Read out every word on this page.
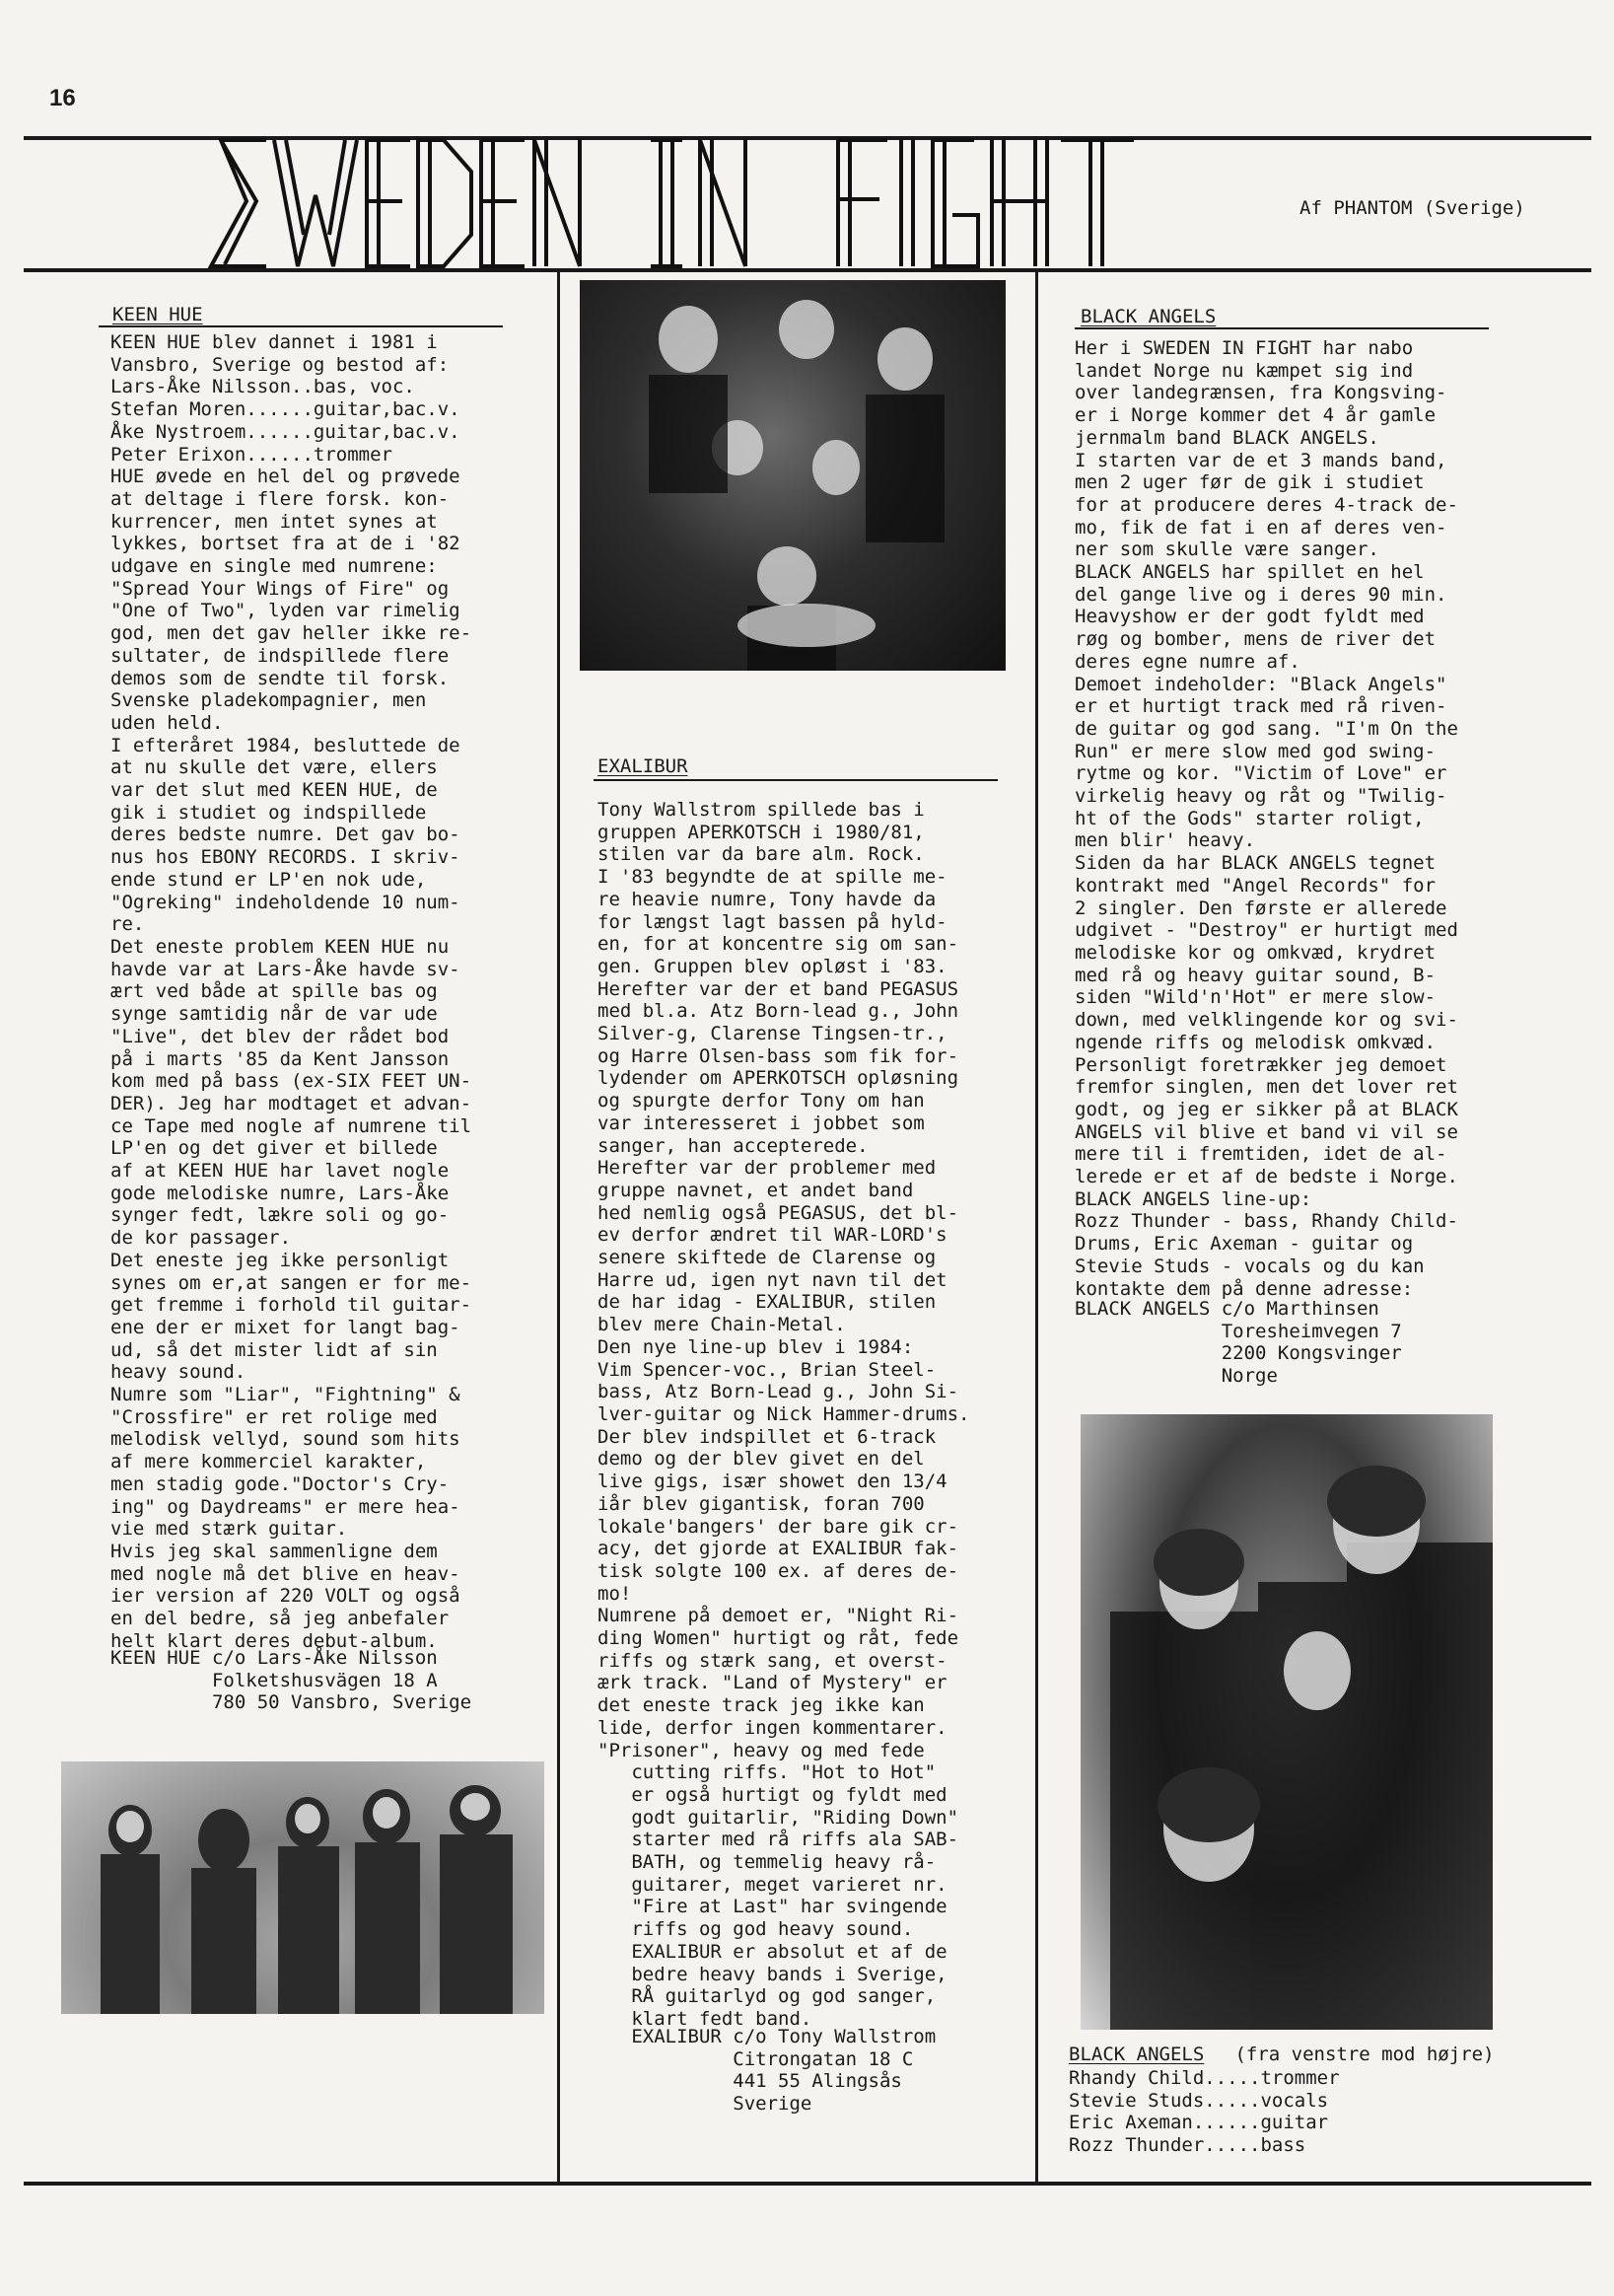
16
Af PHANTOM (Sverige)
KEEN HUE
KEEN HUE blev dannet i 1981 i
Vansbro, Sverige og bestod af:
Lars-Åke Nilsson..bas, voc.
Stefan Moren......guitar,bac.v.
Åke Nystroem......guitar,bac.v.
Peter Erixon......trommer
HUE øvede en hel del og prøvede
at deltage i flere forsk. kon-
kurrencer, men intet synes at
lykkes, bortset fra at de i '82
udgave en single med numrene:
"Spread Your Wings of Fire" og
"One of Two", lyden var rimelig
god, men det gav heller ikke re-
sultater, de indspillede flere
demos som de sendte til forsk.
Svenske pladekompagnier, men
uden held.
I efteråret 1984, besluttede de
at nu skulle det være, ellers
var det slut med KEEN HUE, de
gik i studiet og indspillede
deres bedste numre. Det gav bo-
nus hos EBONY RECORDS. I skriv-
ende stund er LP'en nok ude,
"Ogreking" indeholdende 10 num-
re.
Det eneste problem KEEN HUE nu
havde var at Lars-Åke havde sv-
ært ved både at spille bas og
synge samtidig når de var ude
"Live", det blev der rådet bod
på i marts '85 da Kent Jansson
kom med på bass (ex-SIX FEET UN-
DER). Jeg har modtaget et advan-
ce Tape med nogle af numrene til
LP'en og det giver et billede
af at KEEN HUE har lavet nogle
gode melodiske numre, Lars-Åke
synger fedt, lækre soli og go-
de kor passager.
Det eneste jeg ikke personligt
synes om er,at sangen er for me-
get fremme i forhold til guitar-
ene der er mixet for langt bag-
ud, så det mister lidt af sin
heavy sound.
Numre som "Liar", "Fightning" &
"Crossfire" er ret rolige med
melodisk vellyd, sound som hits
af mere kommerciel karakter,
men stadig gode."Doctor's Cry-
ing" og Daydreams" er mere hea-
vie med stærk guitar.
Hvis jeg skal sammenligne dem
med nogle må det blive en heav-
ier version af 220 VOLT og også
en del bedre, så jeg anbefaler
helt klart deres debut-album.
KEEN HUE c/o Lars-Åke Nilsson
Folketshusvägen 18 A
780 50 Vansbro, Sverige
EXALIBUR
Tony Wallstrom spillede bas i
gruppen APERKOTSCH i 1980/81,
stilen var da bare alm. Rock.
I '83 begyndte de at spille me-
re heavie numre, Tony havde da
for længst lagt bassen på hyld-
en, for at koncentre sig om san-
gen. Gruppen blev opløst i '83.
Herefter var der et band PEGASUS
med bl.a. Atz Born-lead g., John
Silver-g, Clarense Tingsen-tr.,
og Harre Olsen-bass som fik for-
lydender om APERKOTSCH opløsning
og spurgte derfor Tony om han
var interesseret i jobbet som
sanger, han accepterede.
Herefter var der problemer med
gruppe navnet, et andet band
hed nemlig også PEGASUS, det bl-
ev derfor ændret til WAR-LORD's
senere skiftede de Clarense og
Harre ud, igen nyt navn til det
de har idag - EXALIBUR, stilen
blev mere Chain-Metal.
Den nye line-up blev i 1984:
Vim Spencer-voc., Brian Steel-
bass, Atz Born-Lead g., John Si-
lver-guitar og Nick Hammer-drums.
Der blev indspillet et 6-track
demo og der blev givet en del
live gigs, især showet den 13/4
iår blev gigantisk, foran 700
lokale'bangers' der bare gik cr-
acy, det gjorde at EXALIBUR fak-
tisk solgte 100 ex. af deres de-
mo!
Numrene på demoet er, "Night Ri-
ding Women" hurtigt og råt, fede
riffs og stærk sang, et overst-
ærk track. "Land of Mystery" er
det eneste track jeg ikke kan
lide, derfor ingen kommentarer.
"Prisoner", heavy og med fede
cutting riffs. "Hot to Hot"
er også hurtigt og fyldt med
godt guitarlir, "Riding Down"
starter med rå riffs ala SAB-
BATH, og temmelig heavy rå-
guitarer, meget varieret nr.
"Fire at Last" har svingende
riffs og god heavy sound.
EXALIBUR er absolut et af de
bedre heavy bands i Sverige,
RÅ guitarlyd og god sanger,
klart fedt band.
EXALIBUR c/o Tony Wallstrom
Citrongatan 18 C
441 55 Alingsås
Sverige
BLACK ANGELS
Her i SWEDEN IN FIGHT har nabo
landet Norge nu kæmpet sig ind
over landegrænsen, fra Kongsving-
er i Norge kommer det 4 år gamle
jernmalm band BLACK ANGELS.
I starten var de et 3 mands band,
men 2 uger før de gik i studiet
for at producere deres 4-track de-
mo, fik de fat i en af deres ven-
ner som skulle være sanger.
BLACK ANGELS har spillet en hel
del gange live og i deres 90 min.
Heavyshow er der godt fyldt med
røg og bomber, mens de river det
deres egne numre af.
Demoet indeholder: "Black Angels"
er et hurtigt track med rå riven-
de guitar og god sang. "I'm On the
Run" er mere slow med god swing-
rytme og kor. "Victim of Love" er
virkelig heavy og råt og "Twilig-
ht of the Gods" starter roligt,
men blir' heavy.
Siden da har BLACK ANGELS tegnet
kontrakt med "Angel Records" for
2 singler. Den første er allerede
udgivet - "Destroy" er hurtigt med
melodiske kor og omkvæd, krydret
med rå og heavy guitar sound, B-
siden "Wild'n'Hot" er mere slow-
down, med velklingende kor og svi-
ngende riffs og melodisk omkvæd.
Personligt foretrækker jeg demoet
fremfor singlen, men det lover ret
godt, og jeg er sikker på at BLACK
ANGELS vil blive et band vi vil se
mere til i fremtiden, idet de al-
lerede er et af de bedste i Norge.
BLACK ANGELS line-up:
Rozz Thunder - bass, Rhandy Child-
Drums, Eric Axeman - guitar og
Stevie Studs - vocals og du kan
kontakte dem på denne adresse:
BLACK ANGELS c/o Marthinsen
Toresheimvegen 7
2200 Kongsvinger
Norge
BLACK ANGELS (fra venstre mod højre)
Rhandy Child.....trommer
Stevie Studs.....vocals
Eric Axeman......guitar
Rozz Thunder.....bass
